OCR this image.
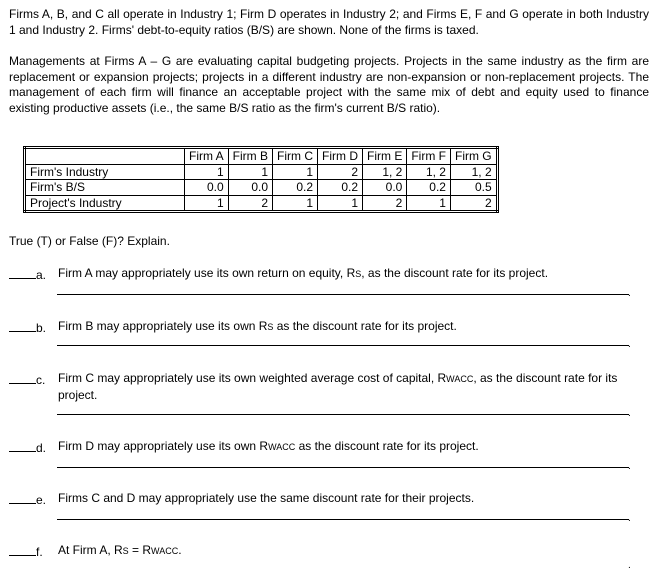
Firms A, B, and C all operate in Industry 1; Firm D operates in Industry 2; and Firms E, F and G operate in both Industry 1 and Industry 2. Firms' debt-to-equity ratios (B/S) are shown. None of the firms is taxed.

Managements at Firms A – G are evaluating capital budgeting projects. Projects in the same industry as the firm are replacement or expansion projects; projects in a different industry are non-expansion or non-replacement projects. The management of each firm will finance an acceptable project with the same mix of debt and equity used to finance existing productive assets (i.e., the same B/S ratio as the firm's current B/S ratio).

	Firm A	Firm B	Firm C	Firm D	Firm E	Firm F	Firm G
Firm's Industry	1	1	1	2	1, 2	1, 2	1, 2
Firm's B/S	0.0	0.0	0.2	0.2	0.0	0.2	0.5
Project's Industry	1	2	1	1	2	1	2
True (T) or False (F)? Explain.
a. Firm A may appropriately use its own return on equity, RS, as the discount rate for its project.
.
b. Firm B may appropriately use its own RS as the discount rate for its project.
.
c. Firm C may appropriately use its own weighted average cost of capital, RWACC, as the discount rate for its project.
.
d. Firm D may appropriately use its own RWACC as the discount rate for its project.
.
e. Firms C and D may appropriately use the same discount rate for their projects.
.
f. At Firm A, RS = RWACC.
.
